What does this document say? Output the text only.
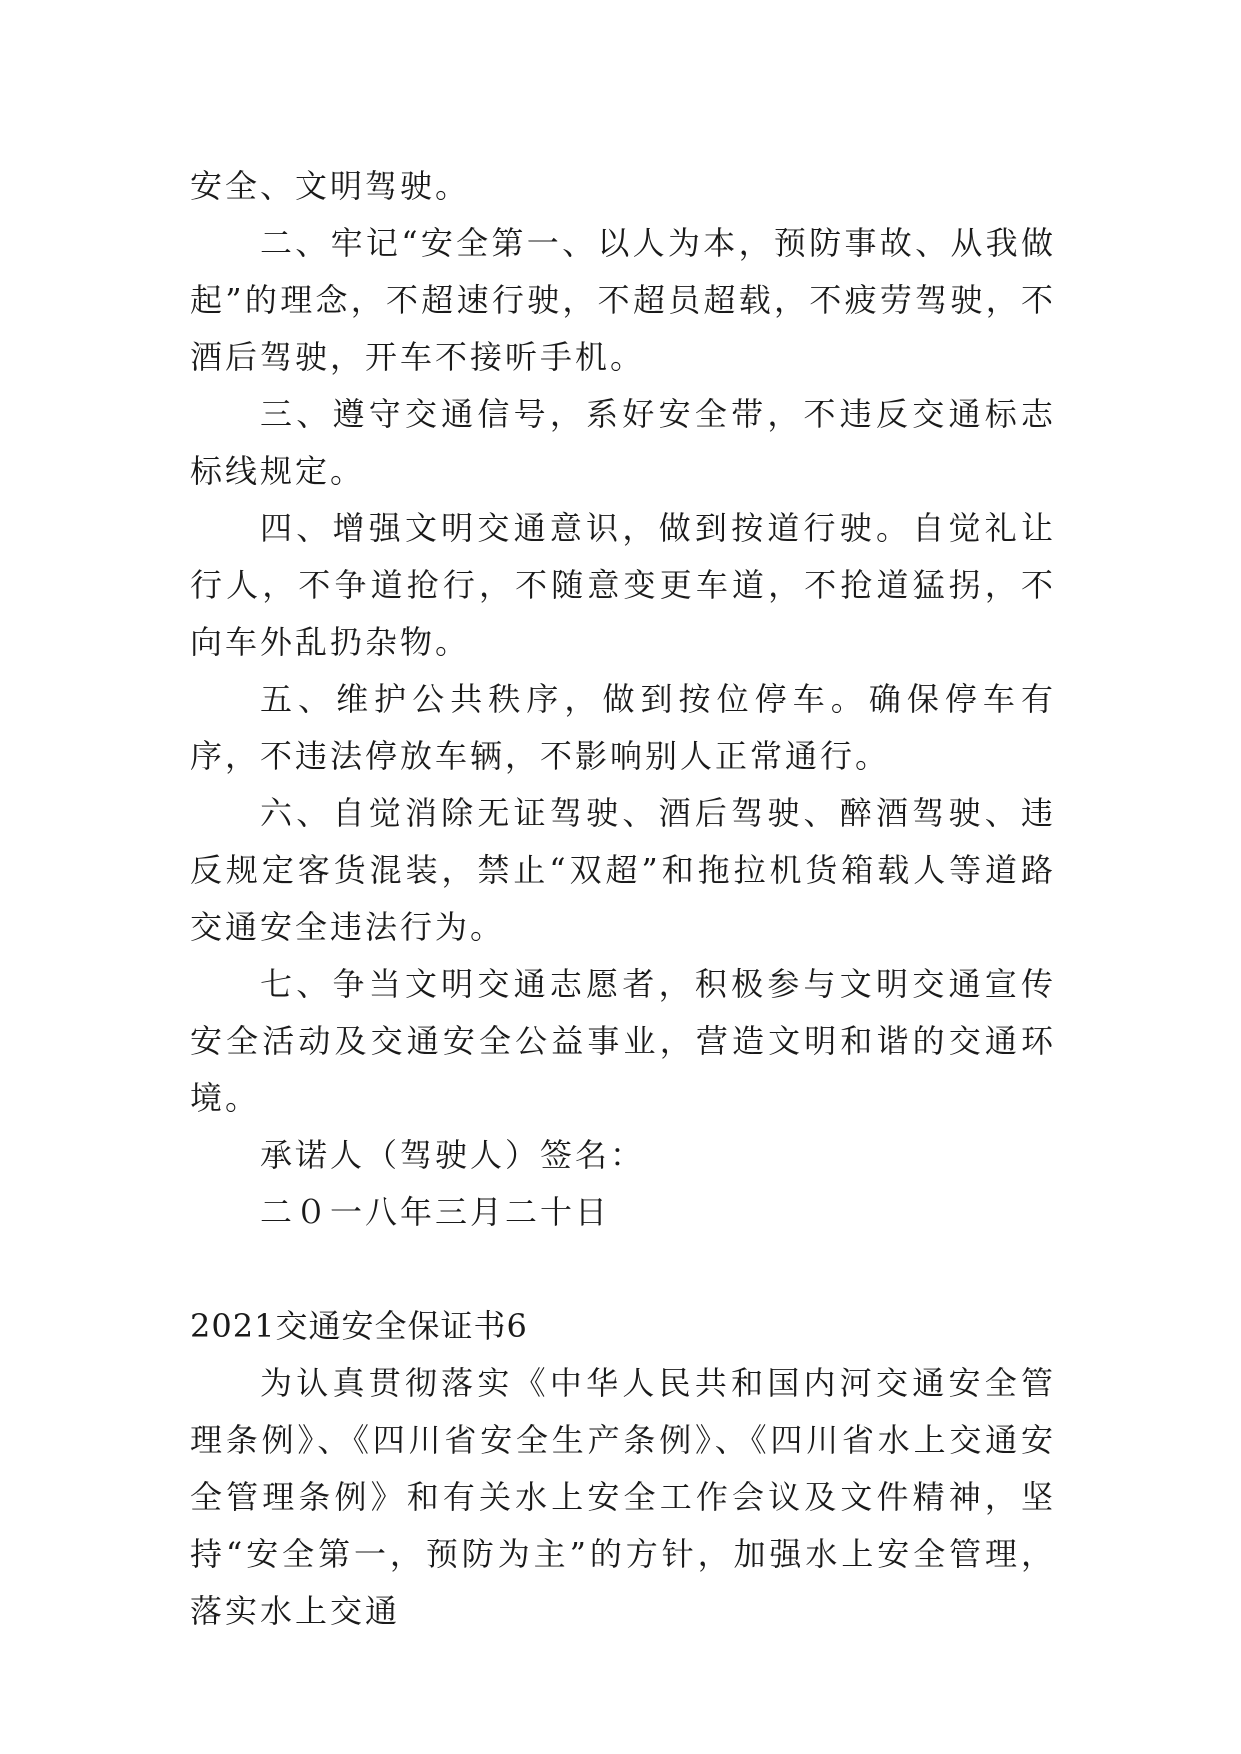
安全、文明驾驶。

二、牢记“安全第一、以人为本，预防事故、从我做起”的理念，不超速行驶，不超员超载，不疲劳驾驶，不酒后驾驶，开车不接听手机。

三、遵守交通信号，系好安全带，不违反交通标志标线规定。

四、增强文明交通意识，做到按道行驶。自觉礼让行人，不争道抢行，不随意变更车道，不抢道猛拐，不向车外乱扔杂物。

五、维护公共秩序，做到按位停车。确保停车有序，不违法停放车辆，不影响别人正常通行。

六、自觉消除无证驾驶、酒后驾驶、醉酒驾驶、违反规定客货混装，禁止“双超”和拖拉机货箱载人等道路交通安全违法行为。

七、争当文明交通志愿者，积极参与文明交通宣传安全活动及交通安全公益事业，营造文明和谐的交通环境。

承诺人（驾驶人）签名：

二０一八年三月二十日

2021交通安全保证书6

为认真贯彻落实《中华人民共和国内河交通安全管理条例》、《四川省安全生产条例》、《四川省水上交通安全管理条例》和有关水上安全工作会议及文件精神，坚持“安全第一，预防为主”的方针，加强水上安全管理，落实水上交通
